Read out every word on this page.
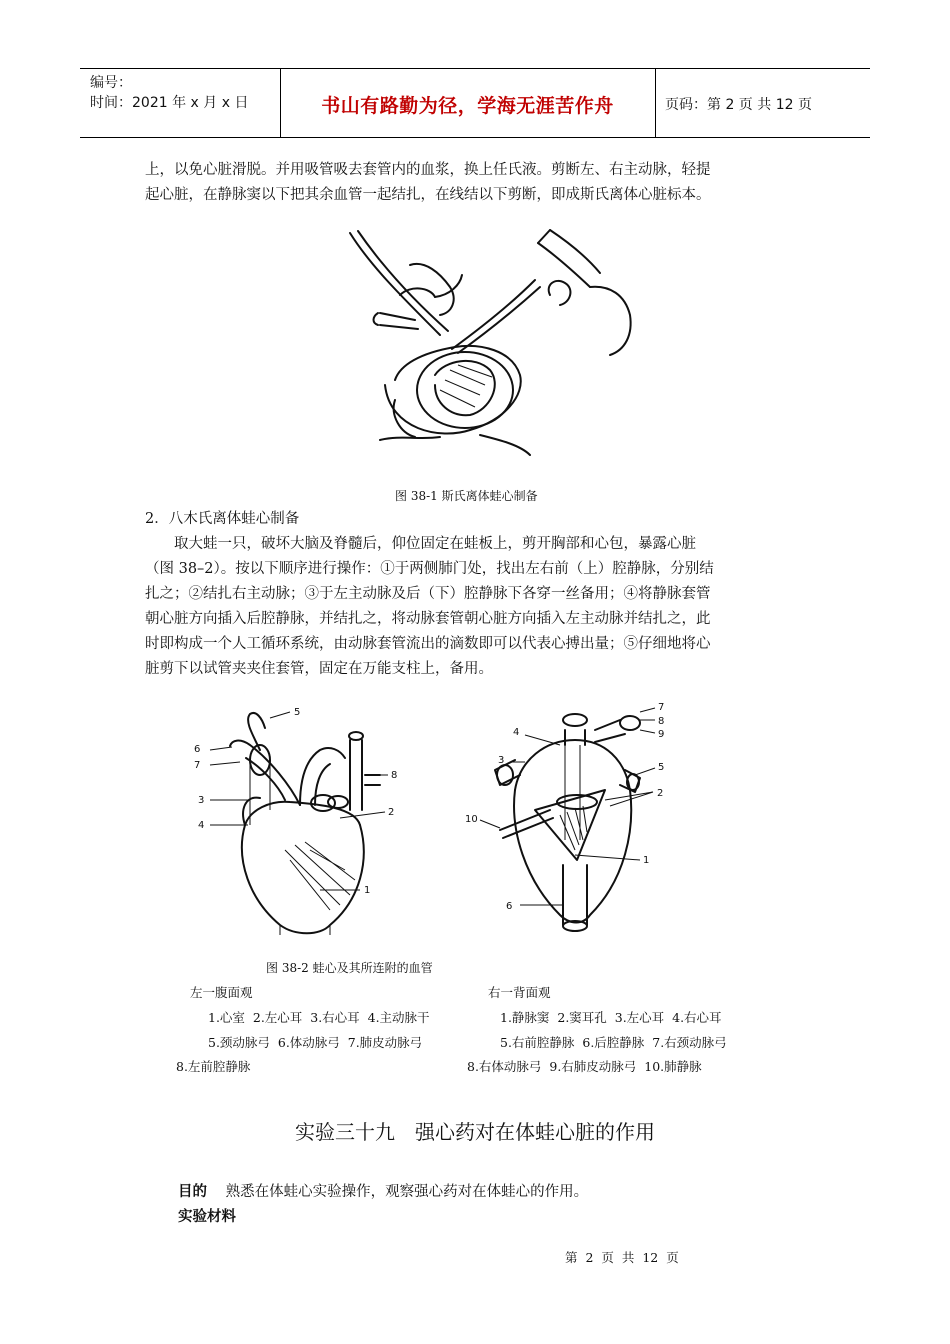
编号：
时间：2021 年 x 月 x 日	书山有路勤为径，学海无涯苦作舟	页码：第 2 页 共 12 页
上，以免心脏滑脱。并用吸管吸去套管内的血浆，换上任氏液。剪断左、右主动脉，轻提
起心脏，在静脉窦以下把其余血管一起结扎，在线结以下剪断，即成斯氏离体心脏标本。
图 38-1 斯氏离体蛙心制备
2．八木氏离体蛙心制备
　　取大蛙一只，破坏大脑及脊髓后，仰位固定在蛙板上，剪开胸部和心包，暴露心脏
（图 38–2）。按以下顺序进行操作：①于两侧肺门处，找出左右前（上）腔静脉，分别结
扎之；②结扎右主动脉；③于左主动脉及后（下）腔静脉下各穿一丝备用；④将静脉套管
朝心脏方向插入后腔静脉，并结扎之，将动脉套管朝心脏方向插入左主动脉并结扎之，此
时即构成一个人工循环系统，由动脉套管流出的滴数即可以代表心搏出量；⑤仔细地将心
脏剪下以试管夹夹住套管，固定在万能支柱上，备用。
5
6
7
3
4
2
1
8
4
3
5
2
1
10
6
7
8
9
图 38-2 蛙心及其所连附的血管
左一腹面观	右一背面观
1.心室  2.左心耳  3.右心耳  4.主动脉干	1.静脉窦  2.窦耳孔  3.左心耳  4.右心耳
5.颈动脉弓  6.体动脉弓  7.肺皮动脉弓	5.右前腔静脉  6.后腔静脉  7.右颈动脉弓
8.左前腔静脉	8.右体动脉弓  9.右肺皮动脉弓  10.肺静脉
实验三十九　强心药对在体蛙心脏的作用
目的 熟悉在体蛙心实验操作，观察强心药对在体蛙心的作用。
实验材料
第 2 页 共 12 页
